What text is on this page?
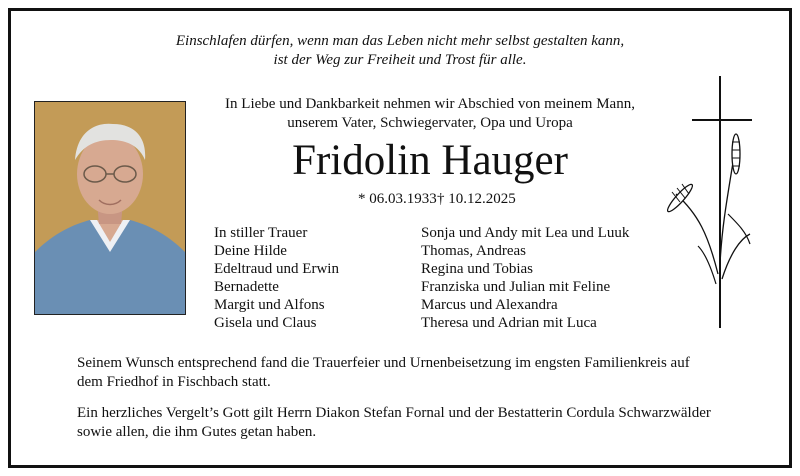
Einschlafen dürfen, wenn man das Leben nicht mehr selbst gestalten kann,
ist der Weg zur Freiheit und Trost für alle.
In Liebe und Dankbarkeit nehmen wir Abschied von meinem Mann,
unserem Vater, Schwiegervater, Opa und Uropa
Fridolin Hauger
* 06.03.1933 † 10.12.2025
In stiller Trauer
Deine Hilde
Edeltraud und Erwin
Bernadette
Margit und Alfons
Gisela und Claus
Sonja und Andy mit Lea und Luuk
Thomas, Andreas
Regina und Tobias
Franziska und Julian mit Feline
Marcus und Alexandra
Theresa und Adrian mit Luca
Seinem Wunsch entsprechend fand die Trauerfeier und Urnenbeisetzung im engsten Familienkreis auf
dem Friedhof in Fischbach statt.
Ein herzliches Vergelt’s Gott gilt Herrn Diakon Stefan Fornal und der Bestatterin Cordula Schwarzwälder
sowie allen, die ihm Gutes getan haben.
